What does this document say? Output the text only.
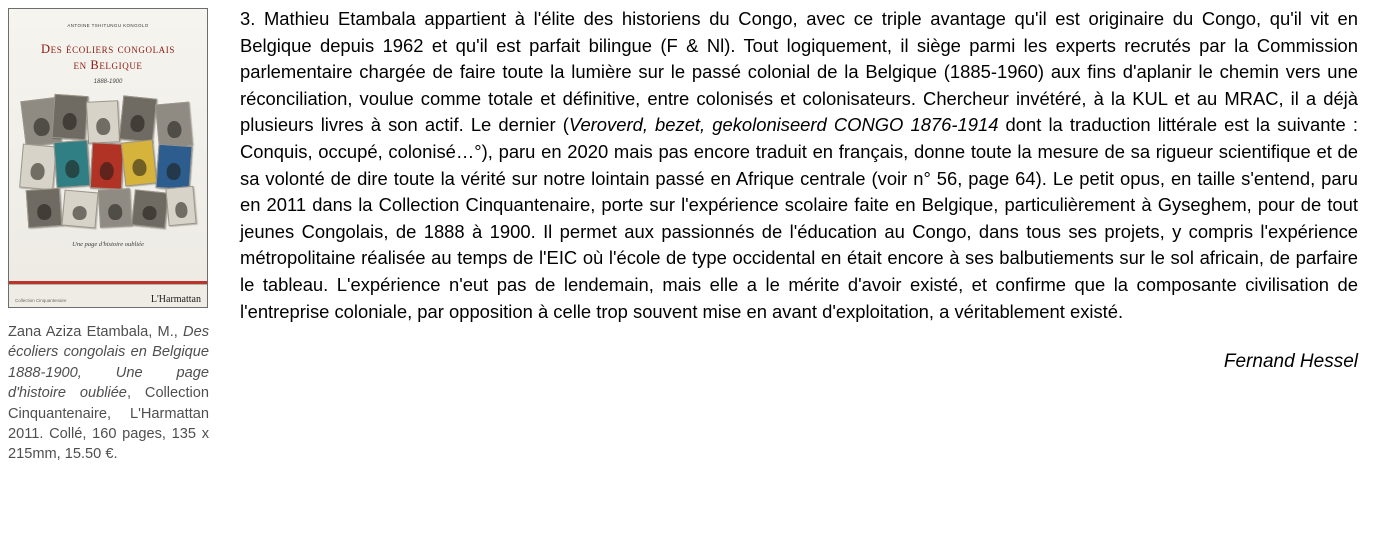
ANTOINE TSHITUNGU KONGOLO
Des écoliers congolais
en Belgique
1888-1900
Une page d'histoire oubliée
Collection Cinquantenaire	L'Harmattan
Zana Aziza Etambala, M., Des écoliers congolais en Belgique 1888-1900, Une page d'histoire oubliée, Collection Cinquantenaire, L'Harmattan 2011. Collé, 160 pages, 135 x 215mm, 15.50 €.
3. Mathieu Etambala appartient à l'élite des historiens du Congo, avec ce triple avantage qu'il est originaire du Congo, qu'il vit en Belgique depuis 1962 et qu'il est parfait bilingue (F & Nl). Tout logiquement, il siège parmi les experts recrutés par la Commission parlementaire chargée de faire toute la lumière sur le passé colonial de la Belgique (1885-1960) aux fins d'aplanir le chemin vers une réconciliation, voulue comme totale et définitive, entre colonisés et colonisateurs. Chercheur invétéré, à la KUL et au MRAC, il a déjà plusieurs livres à son actif. Le dernier (Veroverd, bezet, gekoloniseerd CONGO 1876-1914 dont la traduction littérale est la suivante : Conquis, occupé, colonisé…°), paru en 2020 mais pas encore traduit en français, donne toute la mesure de sa rigueur scientifique et de sa volonté de dire toute la vérité sur notre lointain passé en Afrique centrale (voir n° 56, page 64). Le petit opus, en taille s'entend, paru en 2011 dans la Collection Cinquantenaire, porte sur l'expérience scolaire faite en Belgique, particulièrement à Gyseghem, pour de tout jeunes Congolais, de 1888 à 1900. Il permet aux passionnés de l'éducation au Congo, dans tous ses projets, y compris l'expérience métropolitaine réalisée au temps de l'EIC où l'école de type occidental en était encore à ses balbutiements sur le sol africain, de parfaire le tableau. L'expérience n'eut pas de lendemain, mais elle a le mérite d'avoir existé, et confirme que la composante civilisation de l'entreprise coloniale, par opposition à celle trop souvent mise en avant d'exploitation, a véritablement existé.
Fernand Hessel
